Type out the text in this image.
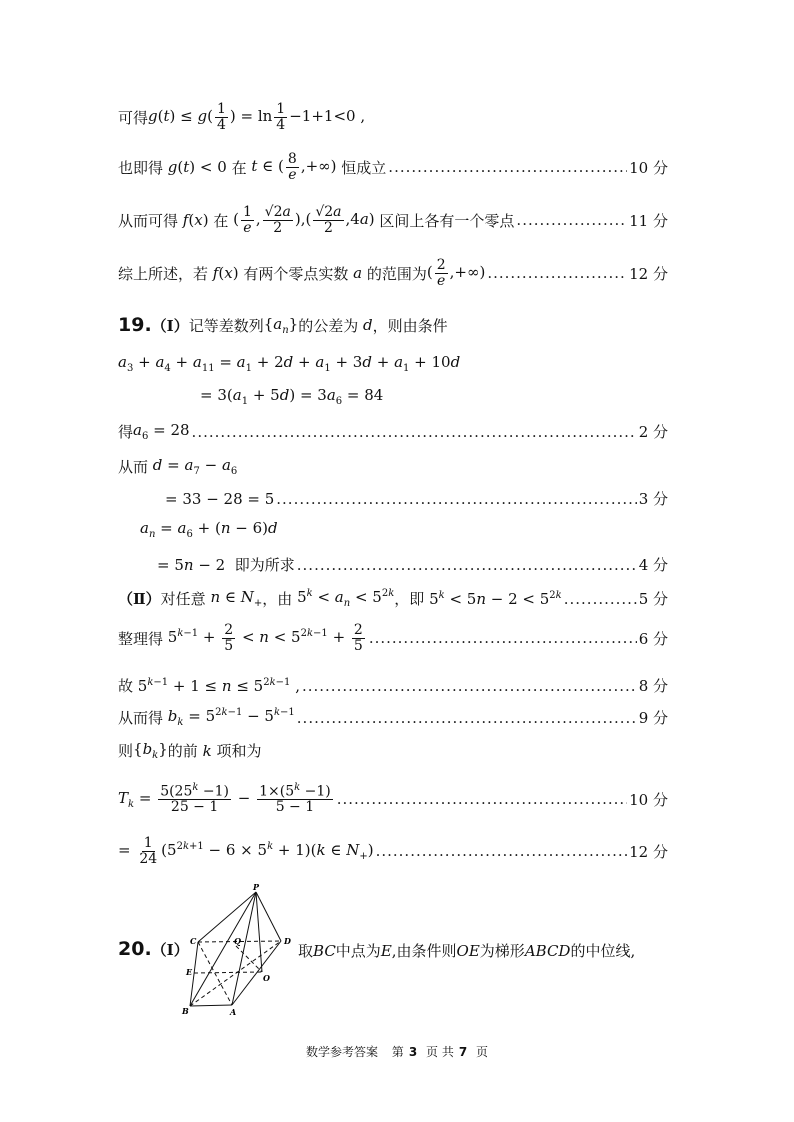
可得 $g(t) \le g( \frac{1}{4}$ ) = $\ln \frac{1}{4} -1+1<0$ ,
也即得 g(t) < 0 在 t ∈ ( $\frac{8}{e}$ ,+∞) 恒成立 .....	10 分
从而可得 f(x) 在 ( $\frac{1}{e}$ , $\frac{√2a}{2}$ ),( $\frac{√2a}{2} ,4a$) 区间上各有一个零点 .....	11 分
综上所述，若 f(x) 有两个零点实数 a 的范围为 ( $\frac{2}{e}$ ,+∞) .....	12 分
19. （Ⅰ） 记等差数列 $\{a_n\}$ 的公差为 d ，则由条件
$a_3 + a_4 + a_{11} = a_1 + 2d + a_1 + 3d + a_1 + 10d$
= $3(a_1 + 5d) = 3a_6 = 84$
得 $a_6 = 28$ .....	2 分
从而 $d = a_7 - a_6$
= 33 − 28 = 5 .....	3 分
$a_n = a_6 + (n - 6)d$
= 5n − 2 即为所求 .....	4 分
（Ⅱ） 对任意 n ∈ $N_+$ ，由 $5^k < a_n < 5^{2k}$ ，即 $5^k < 5n - 2 < 5^{2k}$ .....	5 分
整理得 $5^{k-1} + \frac{2}{5} < n < 5^{2k-1} + \frac{2}{5}$ .....	6 分
故 $5^{k-1} + 1 \le n \le 5^{2k-1}$ , .....	8 分
从而得 $b_k = 5^{2k-1} - 5^{k-1}$ .....	9 分
则 $\{b_k\}$ 的前 k 项和为
$T_k = \frac{5(25^k -1)}{25 - 1} - \frac{1\times(5^k -1)}{5 - 1}$ .....	10 分
= $\frac{1}{24} (5^{2k+1} - 6 \times 5^k + 1)(k$ ∈ $N_+$) .....	12 分
20. （Ⅰ）
P
C	D
Q
E
O
B	A
取 BC 中点为 E ,由条件则 OE 为梯形 ABCD 的中位线,
数学参考答案 第 3 页 共 7 页
